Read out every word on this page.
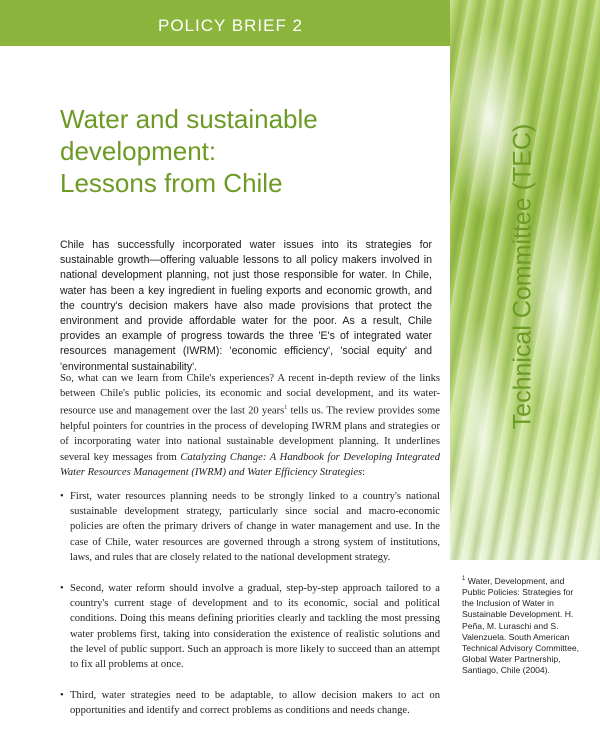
POLICY BRIEF 2
Technical Committee (TEC)
Water and sustainable
development:
Lessons from Chile
Chile has successfully incorporated water issues into its strategies for sustainable growth—offering valuable lessons to all policy makers involved in national development planning, not just those responsible for water. In Chile, water has been a key ingredient in fueling exports and economic growth, and the country's decision makers have also made provisions that protect the environment and provide affordable water for the poor. As a result, Chile provides an example of progress towards the three 'E's of integrated water resources management (IWRM): 'economic efficiency', 'social equity' and 'environmental sustainability'.
So, what can we learn from Chile's experiences? A recent in-depth review of the links between Chile's public policies, its economic and social development, and its water-resource use and management over the last 20 years$^1$ tells us. The review provides some helpful pointers for countries in the process of developing IWRM plans and strategies or of incorporating water into national sustainable development planning. It underlines several key messages from Catalyzing Change: A Handbook for Developing Integrated Water Resources Management (IWRM) and Water Efficiency Strategies:
• First, water resources planning needs to be strongly linked to a country's national sustainable development strategy, particularly since social and macro-economic policies are often the primary drivers of change in water management and use. In the case of Chile, water resources are governed through a strong system of institutions, laws, and rules that are closely related to the national development strategy.
• Second, water reform should involve a gradual, step-by-step approach tailored to a country's current stage of development and to its economic, social and political conditions. Doing this means defining priorities clearly and tackling the most pressing water problems first, taking into consideration the existence of realistic solutions and the level of public support. Such an approach is more likely to succeed than an attempt to fix all problems at once.
• Third, water strategies need to be adaptable, to allow decision makers to act on opportunities and identify and correct problems as conditions and needs change.
$^1$ Water, Development, and Public Policies: Strategies for the Inclusion of Water in Sustainable Development. H. Peña, M. Luraschi and S. Valenzuela. South American Technical Advisory Committee, Global Water Partnership, Santiago, Chile (2004).
